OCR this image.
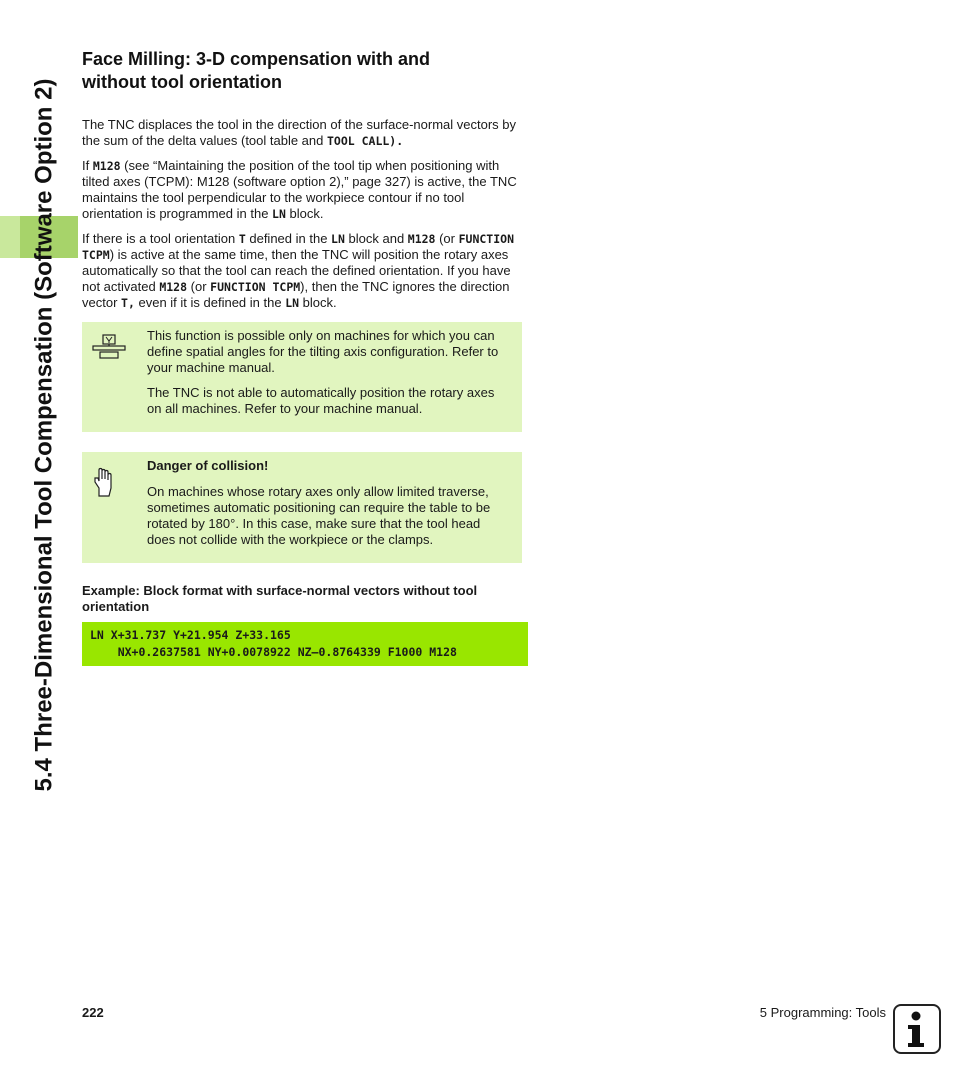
5.4 Three-Dimensional Tool Compensation (Software Option 2)
Face Milling: 3-D compensation with and
without tool orientation

The TNC displaces the tool in the direction of the surface-normal vectors by the sum of the delta values (tool table and TOOL CALL).

If M128 (see “Maintaining the position of the tool tip when positioning with tilted axes (TCPM): M128 (software option 2),” page 327) is active, the TNC maintains the tool perpendicular to the workpiece contour if no tool orientation is programmed in the LN block.

If there is a tool orientation T defined in the LN block and M128 (or FUNCTION TCPM) is active at the same time, then the TNC will position the rotary axes automatically so that the tool can reach the defined orientation. If you have not activated M128 (or FUNCTION TCPM), then the TNC ignores the direction vector T, even if it is defined in the LN block.

This function is possible only on machines for which you can define spatial angles for the tilting axis configuration. Refer to your machine manual.

The TNC is not able to automatically position the rotary axes on all machines. Refer to your machine manual.

Danger of collision!

On machines whose rotary axes only allow limited traverse, sometimes automatic positioning can require the table to be rotated by 180°. In this case, make sure that the tool head does not collide with the workpiece or the clamps.

Example: Block format with surface-normal vectors without tool orientation

LN X+31.737 Y+21.954 Z+33.165
NX+0.2637581 NY+0.0078922 NZ–0.8764339 F1000 M128
222	5 Programming: Tools
